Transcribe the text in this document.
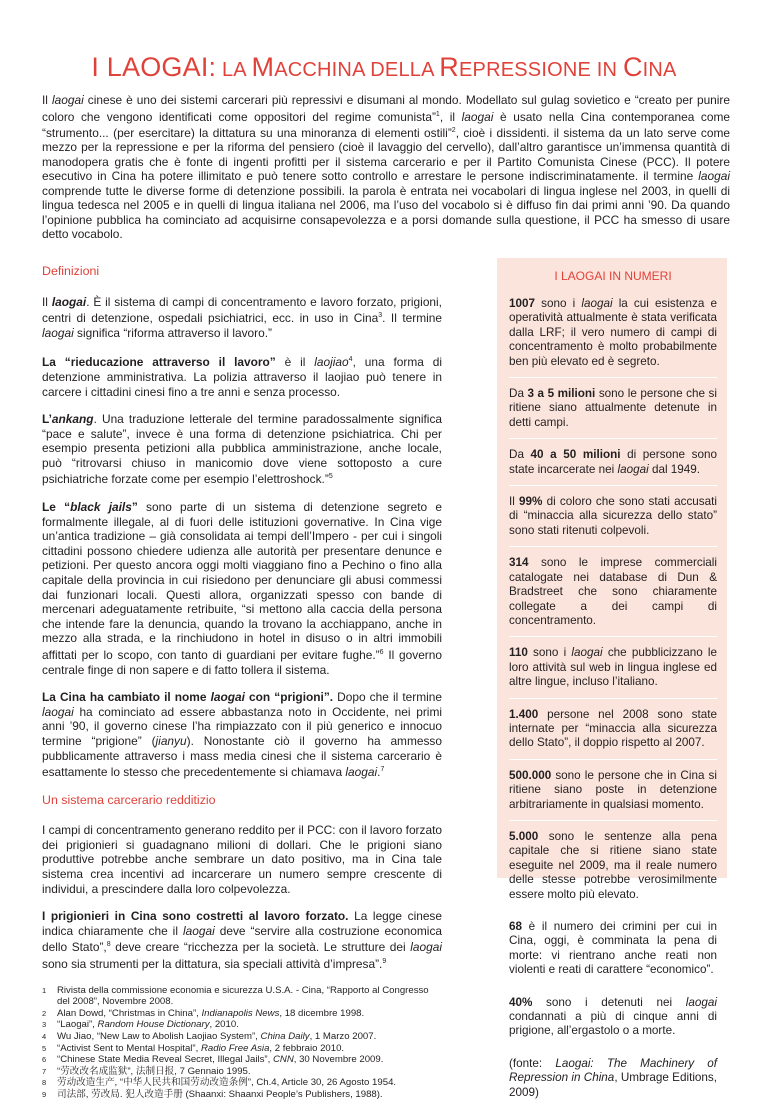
I LAOGAI: LA MACCHINA DELLA REPRESSIONE IN CINA
Il laogai cinese è uno dei sistemi carcerari più repressivi e disumani al mondo. Modellato sul gulag sovietico e “creato per punire coloro che vengono identificati come oppositori del regime comunista”$^1$, il laogai è usato nella Cina contemporanea come “strumento... (per esercitare) la dittatura su una minoranza di elementi ostili”$^2$, cioè i dissidenti. il sistema da un lato serve come mezzo per la repressione e per la riforma del pensiero (cioè il lavaggio del cervello), dall’altro garantisce un’immensa quantità di manodopera gratis che è fonte di ingenti profitti per il sistema carcerario e per il Partito Comunista Cinese (PCC). Il potere esecutivo in Cina ha potere illimitato e può tenere sotto controllo e arrestare le persone indiscriminatamente. il termine laogai comprende tutte le diverse forme di detenzione possibili. la parola è entrata nei vocabolari di lingua inglese nel 2003, in quelli di lingua tedesca nel 2005 e in quelli di lingua italiana nel 2006, ma l’uso del vocabolo si è diffuso fin dai primi anni ’90. Da quando l’opinione pubblica ha cominciato ad acquisirne consapevolezza e a porsi domande sulla questione, il PCC ha smesso di usare detto vocabolo.
Definizioni

Il laogai. È il sistema di campi di concentramento e lavoro forzato, prigioni, centri di detenzione, ospedali psichiatrici, ecc. in uso in Cina$^3$. Il termine laogai significa “riforma attraverso il lavoro.”

La “rieducazione attraverso il lavoro” è il laojiao$^4$, una forma di detenzione amministrativa. La polizia attraverso il laojiao può tenere in carcere i cittadini cinesi fino a tre anni e senza processo.

L’ankang. Una traduzione letterale del termine paradossalmente significa “pace e salute”, invece è una forma di detenzione psichiatrica. Chi per esempio presenta petizioni alla pubblica amministrazione, anche locale, può “ritrovarsi chiuso in manicomio dove viene sottoposto a cure psichiatriche forzate come per esempio l’elettroshock.”$^5$

Le “black jails” sono parte di un sistema di detenzione segreto e formalmente illegale, al di fuori delle istituzioni governative. In Cina vige un’antica tradizione – già consolidata ai tempi dell’Impero - per cui i singoli cittadini possono chiedere udienza alle autorità per presentare denunce e petizioni. Per questo ancora oggi molti viaggiano fino a Pechino o fino alla capitale della provincia in cui risiedono per denunciare gli abusi commessi dai funzionari locali. Questi allora, organizzati spesso con bande di mercenari adeguatamente retribuite, “si mettono alla caccia della persona che intende fare la denuncia, quando la trovano la acchiappano, anche in mezzo alla strada, e la rinchiudono in hotel in disuso o in altri immobili affittati per lo scopo, con tanto di guardiani per evitare fughe.”$^6$ Il governo centrale finge di non sapere e di fatto tollera il sistema.

La Cina ha cambiato il nome laogai con “prigioni”. Dopo che il termine laogai ha cominciato ad essere abbastanza noto in Occidente, nei primi anni ’90, il governo cinese l’ha rimpiazzato con il più generico e innocuo termine “prigione” (jianyu). Nonostante ciò il governo ha ammesso pubblicamente attraverso i mass media cinesi che il sistema carcerario è esattamente lo stesso che precedentemente si chiamava laogai.$^7$

Un sistema carcerario redditizio

I campi di concentramento generano reddito per il PCC: con il lavoro forzato dei prigionieri si guadagnano milioni di dollari. Che le prigioni siano produttive potrebbe anche sembrare un dato positivo, ma in Cina tale sistema crea incentivi ad incarcerare un numero sempre crescente di individui, a prescindere dalla loro colpevolezza.

I prigionieri in Cina sono costretti al lavoro forzato. La legge cinese indica chiaramente che il laogai deve “servire alla costruzione economica dello Stato”,$^8$ deve creare “ricchezza per la società. Le strutture dei laogai sono sia strumenti per la dittatura, sia speciali attività d’impresa”.$^9$

1 Rivista della commissione economia e sicurezza U.S.A. - Cina, “Rapporto al Congresso del 2008”, Novembre 2008.
2 Alan Dowd, “Christmas in China”, Indianapolis News, 18 dicembre 1998.
3 “Laogai”, Random House Dictionary, 2010.
4 Wu Jiao, “New Law to Abolish Laojiao System”, China Daily, 1 Marzo 2007.
5 “Activist Sent to Mental Hospital”, Radio Free Asia, 2 febbraio 2010.
6 “Chinese State Media Reveal Secret, Illegal Jails”, CNN, 30 Novembre 2009.
7 “劳改改名成监狱”, 法制日报, 7 Gennaio 1995.
8 劳动改造生产, “中华人民共和国劳动改造条例”, Ch.4, Article 30, 26 Agosto 1954.
9 司法部, 劳改局. 犯人改造手册 (Shaanxi: Shaanxi People’s Publishers, 1988).
I LAOGAI IN NUMERI
1007 sono i laogai la cui esistenza e operatività attualmente è stata verificata dalla LRF; il vero numero di campi di concentramento è molto probabilmente ben più elevato ed è segreto.
Da 3 a 5 milioni sono le persone che si ritiene siano attualmente detenute in detti campi.
Da 40 a 50 milioni di persone sono state incarcerate nei laogai dal 1949.
Il 99% di coloro che sono stati accusati di “minaccia alla sicurezza dello stato” sono stati ritenuti colpevoli.
314 sono le imprese commerciali catalogate nei database di Dun & Bradstreet che sono chiaramente collegate a dei campi di concentramento.
110 sono i laogai che pubblicizzano le loro attività sul web in lingua inglese ed altre lingue, incluso l’italiano.
1.400 persone nel 2008 sono state internate per “minaccia alla sicurezza dello Stato”, il doppio rispetto al 2007.
500.000 sono le persone che in Cina si ritiene siano poste in detenzione arbitrariamente in qualsiasi momento.
5.000 sono le sentenze alla pena capitale che si ritiene siano state eseguite nel 2009, ma il reale numero delle stesse potrebbe verosimilmente essere molto più elevato.
68 è il numero dei crimini per cui in Cina, oggi, è comminata la pena di morte: vi rientrano anche reati non violenti e reati di carattere “economico”.
40% sono i detenuti nei laogai condannati a più di cinque anni di prigione, all’ergastolo o a morte.
(fonte: Laogai: The Machinery of Repression in China, Umbrage Editions, 2009)
